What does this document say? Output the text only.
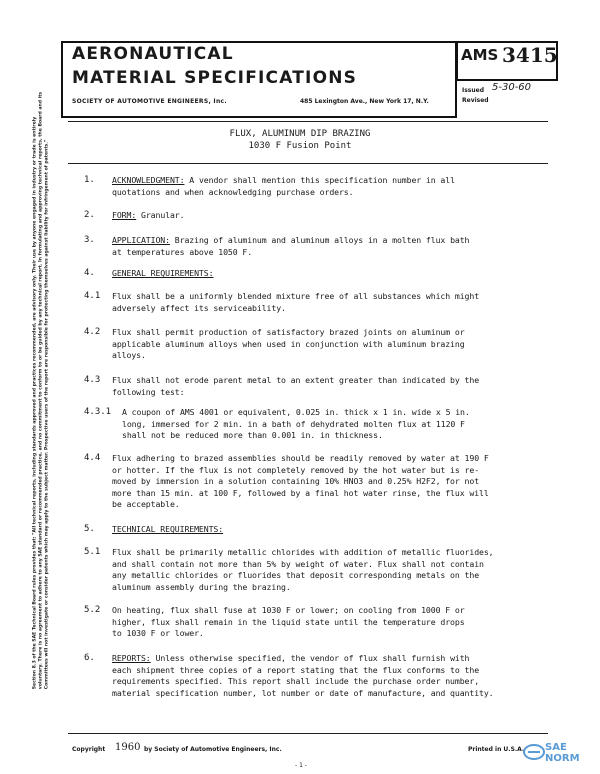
Section 8.3 of the SAE Technical Board rules provides that: "All technical reports, including standards approved and practices recommended, are advisory only. Their use by anyone engaged in industry or trade is entirely voluntary. There is no agreement to adhere to any SAE standard or recommended practice, and no commitment to conform to or be guided by any technical report. In formulating and approving technical reports, the Board and its Committees will not investigate or consider patents which may apply to the subject matter. Prospective users of the report are responsible for protecting themselves against liability for infringement of patents."
AERONAUTICAL
MATERIAL SPECIFICATIONS
SOCIETY OF AUTOMOTIVE ENGINEERS, Inc.	485 Lexington Ave., New York 17, N.Y.
AMS 3415
Issued 5-30-60
Revised
FLUX, ALUMINUM DIP BRAZING
1030 F Fusion Point
1. ACKNOWLEDGMENT: A vendor shall mention this specification number in all
quotations and when acknowledging purchase orders.
2. FORM: Granular.
3. APPLICATION: Brazing of aluminum and aluminum alloys in a molten flux bath
at temperatures above 1050 F.
4. GENERAL REQUIREMENTS:
4.1 Flux shall be a uniformly blended mixture free of all substances which might
adversely affect its serviceability.
4.2 Flux shall permit production of satisfactory brazed joints on aluminum or
applicable aluminum alloys when used in conjunction with aluminum brazing
alloys.
4.3 Flux shall not erode parent metal to an extent greater than indicated by the
following test:
4.3.1 A coupon of AMS 4001 or equivalent, 0.025 in. thick x 1 in. wide x 5 in.
long, immersed for 2 min. in a bath of dehydrated molten flux at 1120 F
shall not be reduced more than 0.001 in. in thickness.
4.4 Flux adhering to brazed assemblies should be readily removed by water at 190 F
or hotter. If the flux is not completely removed by the hot water but is re-
moved by immersion in a solution containing 10% HNO3 and 0.25% H2F2, for not
more than 15 min. at 100 F, followed by a final hot water rinse, the flux will
be acceptable.
5. TECHNICAL REQUIREMENTS:
5.1 Flux shall be primarily metallic chlorides with addition of metallic fluorides,
and shall contain not more than 5% by weight of water. Flux shall not contain
any metallic chlorides or fluorides that deposit corresponding metals on the
aluminum assembly during the brazing.
5.2 On heating, flux shall fuse at 1030 F or lower; on cooling from 1000 F or
higher, flux shall remain in the liquid state until the temperature drops
to 1030 F or lower.
6. REPORTS: Unless otherwise specified, the vendor of flux shall furnish with
each shipment three copies of a report stating that the flux conforms to the
requirements specified. This report shall include the purchase order number,
material specification number, lot number or date of manufacture, and quantity.
Copyright 1960 by Society of Automotive Engineers, Inc.	Printed in U.S.A.
- 1 -
SAE NORM
